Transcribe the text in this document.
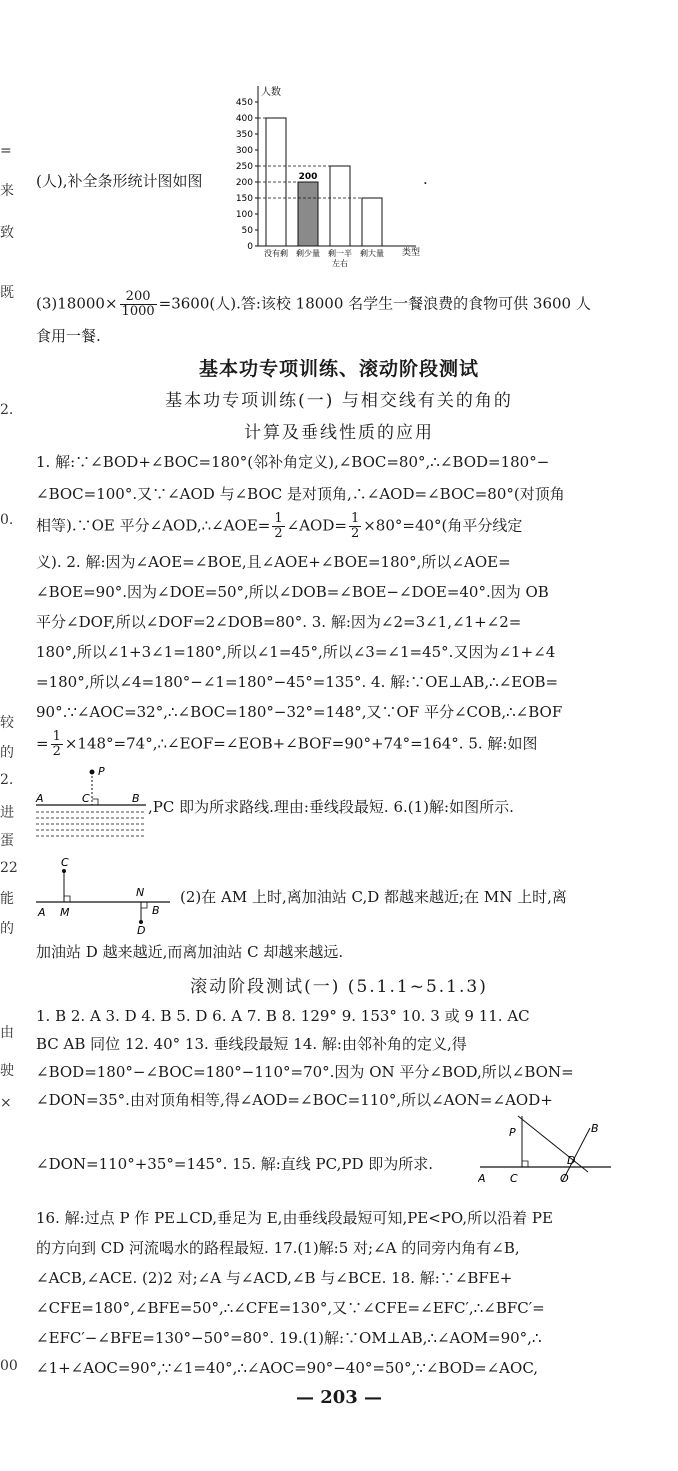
=
来
致
既
2.
0.
较
的
2.
进
蛋
22
能
的
由
驶
×
00
(人),补全条形统计图如图	.
人数
类型
0
50
100
150
200
250
300
350
400
450
200
没有剩 剩少量 剩一半
左右
剩大量
$(3)18000\times \frac{200}{1000} =3600$(人).答:该校 18000 名学生一餐浪费的食物可供 3600 人
食用一餐.
基本功专项训练、滚动阶段测试
基本功专项训练(一) 与相交线有关的角的
计算及垂线性质的应用
1. 解:∵∠BOD+∠BOC=180°(邻补角定义),∠BOC=80°,∴∠BOD=180°−
∠BOC=100°.又∵∠AOD 与∠BOC 是对顶角,∴∠AOD=∠BOC=80°(对顶角
相等).∵OE 平分∠AOD,∴∠AOE= $\frac{1}{2}$ ∠AOD= $\frac{1}{2} \times 80^\circ=40^\circ$(角平分线定
义). 2. 解:因为∠AOE=∠BOE,且∠AOE+∠BOE=180°,所以∠AOE=
∠BOE=90°.因为∠DOE=50°,所以∠DOB=∠BOE−∠DOE=40°.因为 OB
平分∠DOF,所以∠DOF=2∠DOB=80°. 3. 解:因为∠2=3∠1,∠1+∠2=
180°,所以∠1+3∠1=180°,所以∠1=45°,所以∠3=∠1=45°.又因为∠1+∠4
=180°,所以∠4=180°−∠1=180°−45°=135°. 4. 解:∵OE⊥AB,∴∠EOB=
90°.∵∠AOC=32°,∴∠BOC=180°−32°=148°,又∵OF 平分∠COB,∴∠BOF
= $\frac{1}{2}$ ×148°=74°,∴∠EOF=∠EOB+∠BOF=90°+74°=164°. 5. 解:如图
P
A	C	B ,PC 即为所求路线.理由:垂线段最短. 6.(1)解:如图所示.
C
A M
N
B
D
(2)在 AM 上时,离加油站 C,D 都越来越近;在 MN 上时,离
加油站 D 越来越近,而离加油站 C 却越来越远.
滚动阶段测试(一) (5.1.1~5.1.3)
1. B 2. A 3. D 4. B 5. D 6. A 7. B 8. 129° 9. 153° 10. 3 或 9 11. AC
BC AB 同位 12. 40° 13. 垂线段最短 14. 解:由邻补角的定义,得
∠BOD=180°−∠BOC=180°−110°=70°.因为 ON 平分∠BOD,所以∠BON=
∠DON=35°.由对顶角相等,得∠AOD=∠BOC=110°,所以∠AON=∠AOD+
∠DON=110°+35°=145°. 15. 解:直线 PC,PD 即为所求.
P	B
D
A C	O
16. 解:过点 P 作 PE⊥CD,垂足为 E,由垂线段最短可知,PE<PO,所以沿着 PE
的方向到 CD 河流喝水的路程最短. 17.(1)解:5 对;∠A 的同旁内角有∠B,
∠ACB,∠ACE. (2)2 对;∠A 与∠ACD,∠B 与∠BCE. 18. 解:∵∠BFE+
∠CFE=180°,∠BFE=50°,∴∠CFE=130°,又∵∠CFE=∠EFC′,∴∠BFC′=
∠EFC′−∠BFE=130°−50°=80°. 19.(1)解:∵OM⊥AB,∴∠AOM=90°,∴
∠1+∠AOC=90°,∵∠1=40°,∴∠AOC=90°−40°=50°,∵∠BOD=∠AOC,
— 203 —
